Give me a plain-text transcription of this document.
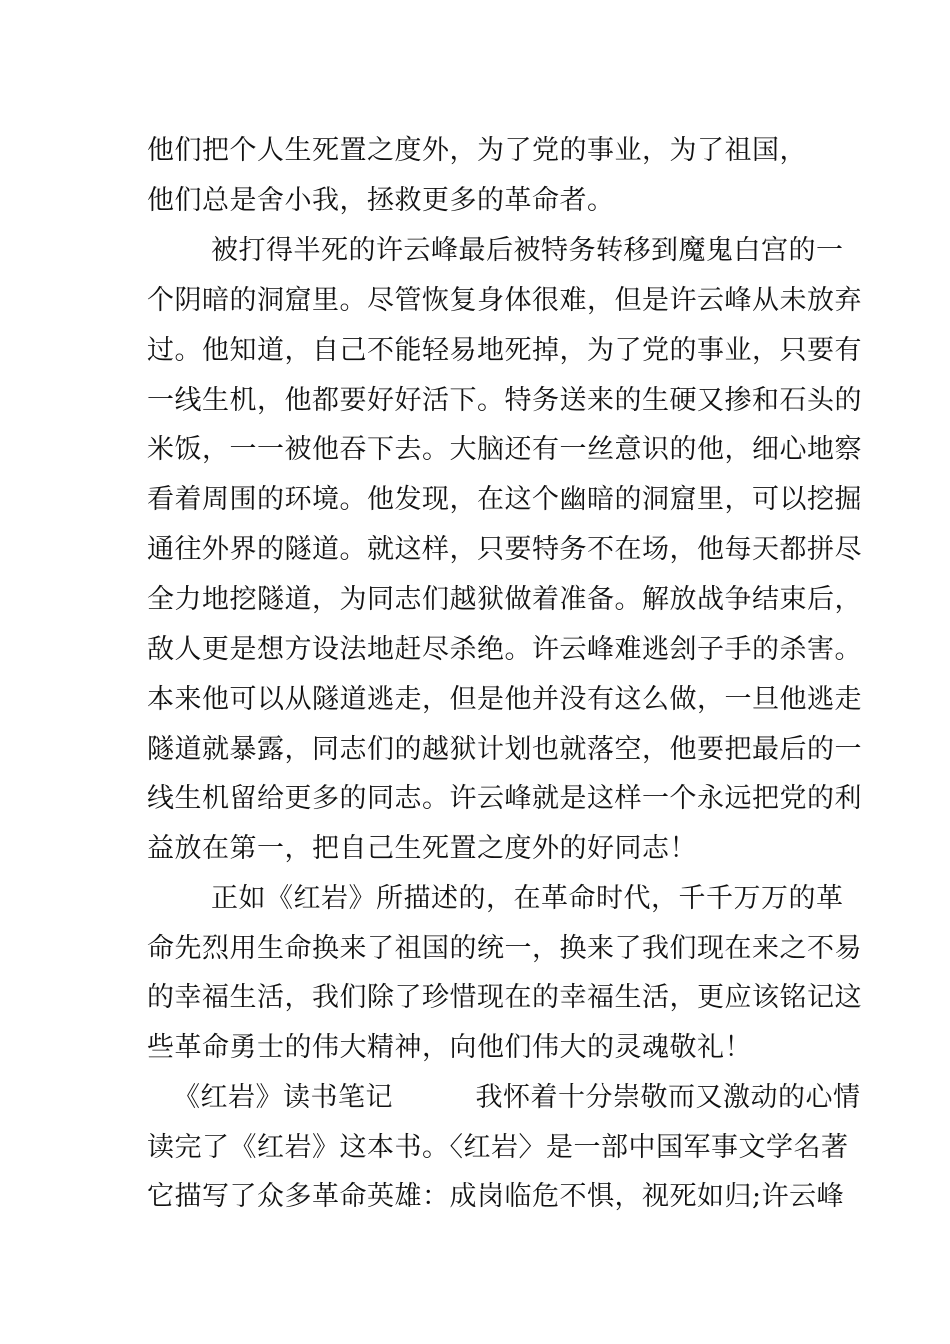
他们把个人生死置之度外，为了党的事业，为了祖国，
他们总是舍小我，拯救更多的革命者。
被打得半死的许云峰最后被特务转移到魔鬼白宫的一
个阴暗的洞窟里。尽管恢复身体很难，但是许云峰从未放弃
过。他知道，自己不能轻易地死掉，为了党的事业，只要有
一线生机，他都要好好活下。特务送来的生硬又掺和石头的
米饭，一一被他吞下去。大脑还有一丝意识的他，细心地察
看着周围的环境。他发现，在这个幽暗的洞窟里，可以挖掘
通往外界的隧道。就这样，只要特务不在场，他每天都拼尽
全力地挖隧道，为同志们越狱做着准备。解放战争结束后，
敌人更是想方设法地赶尽杀绝。许云峰难逃刽子手的杀害。
本来他可以从隧道逃走，但是他并没有这么做，一旦他逃走
隧道就暴露，同志们的越狱计划也就落空，他要把最后的一
线生机留给更多的同志。许云峰就是这样一个永远把党的利
益放在第一，把自己生死置之度外的好同志！
正如《红岩》所描述的，在革命时代，千千万万的革
命先烈用生命换来了祖国的统一，换来了我们现在来之不易
的幸福生活，我们除了珍惜现在的幸福生活，更应该铭记这
些革命勇士的伟大精神，向他们伟大的灵魂敬礼！
《红岩》读书笔记　　　我怀着十分崇敬而又激动的心情
读完了《红岩》这本书。〈红岩〉是一部中国军事文学名著
它描写了众多革命英雄：成岗临危不惧，视死如归;许云峰
